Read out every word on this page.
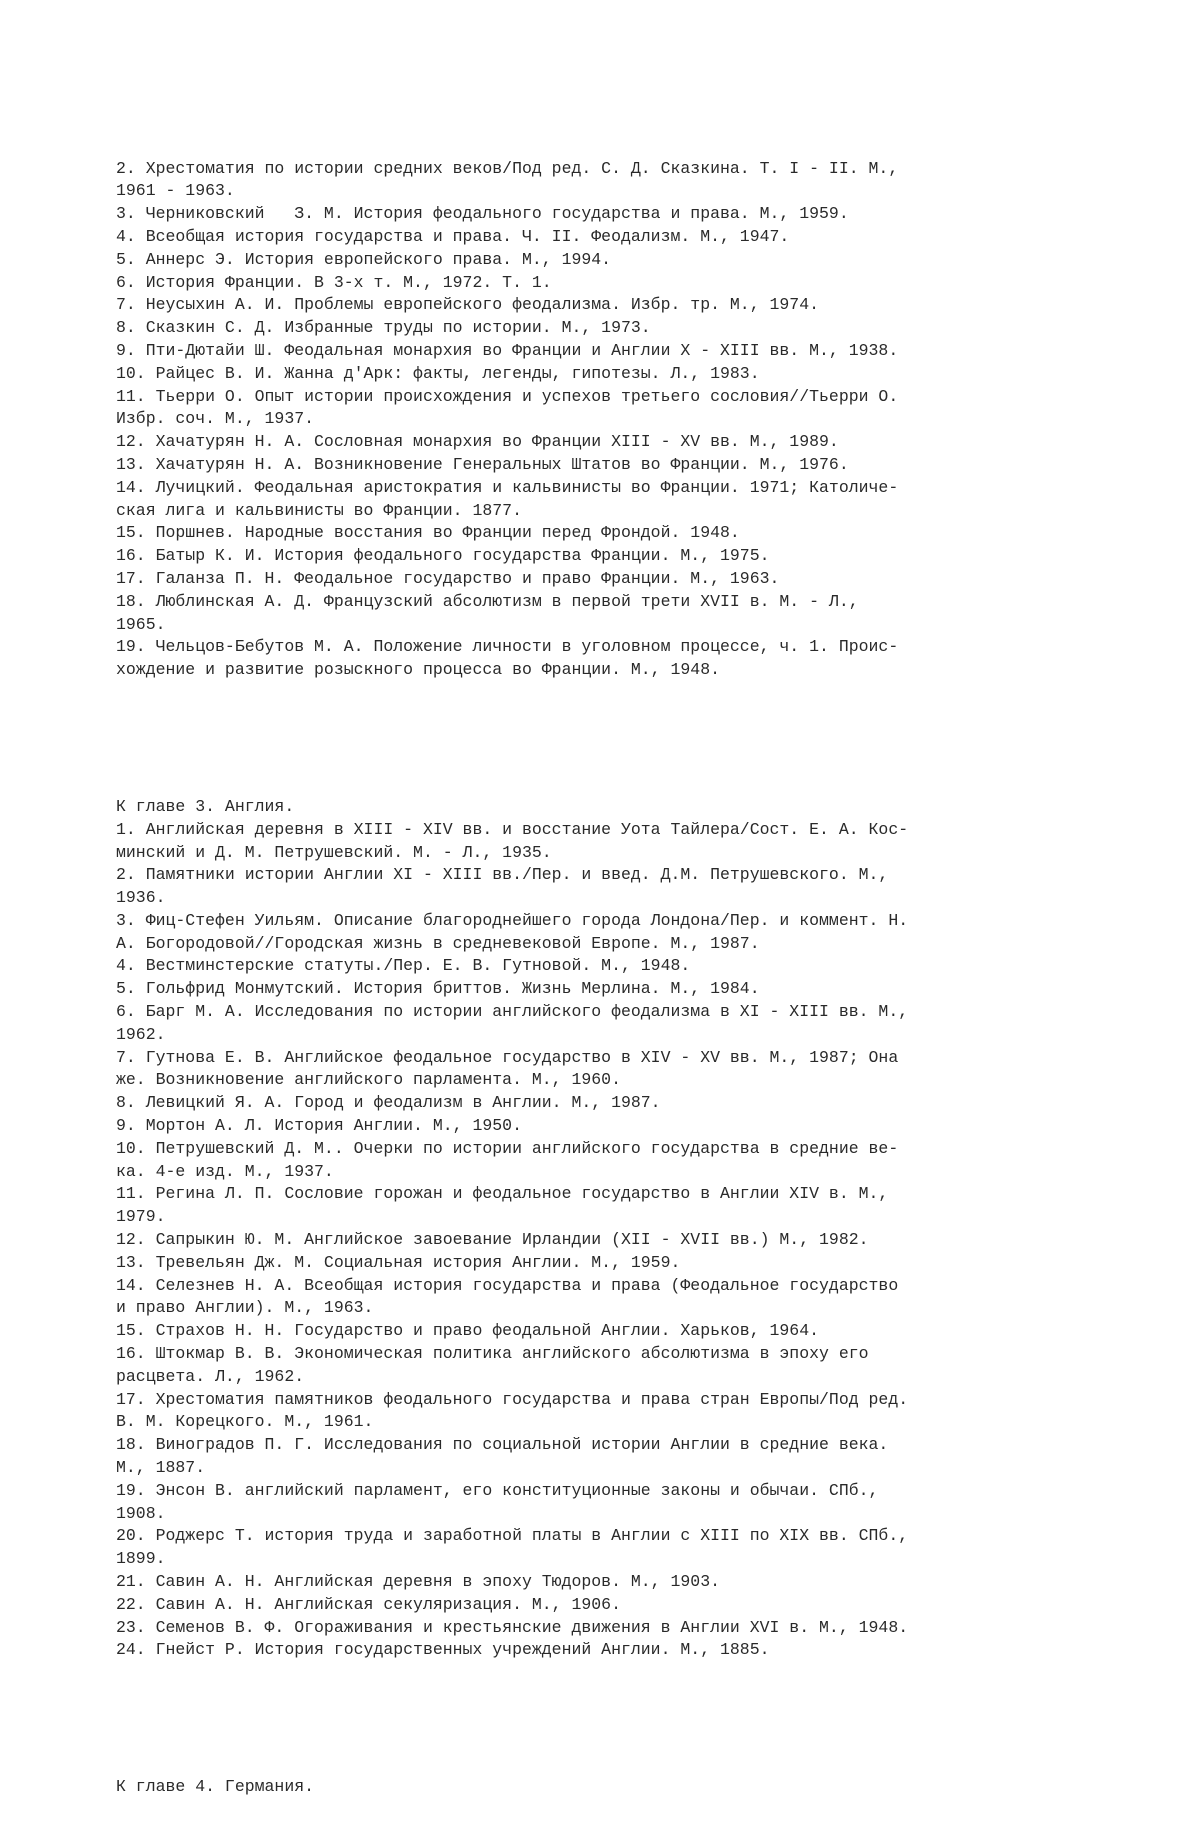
2. Хрестоматия по истории средних веков/Под ред. С. Д. Сказкина. Т. I - II. М.,
1961 - 1963.
3. Черниковский   З. М. История феодального государства и права. М., 1959.
4. Всеобщая история государства и права. Ч. II. Феодализм. М., 1947.
5. Аннерс Э. История европейского права. М., 1994.
6. История Франции. В 3-х т. М., 1972. Т. 1.
7. Неусыхин А. И. Проблемы европейского феодализма. Избр. тр. М., 1974.
8. Сказкин С. Д. Избранные труды по истории. М., 1973.
9. Пти-Дютайи Ш. Феодальная монархия во Франции и Англии X - XIII вв. М., 1938.
10. Райцес В. И. Жанна д'Арк: факты, легенды, гипотезы. Л., 1983.
11. Тьерри О. Опыт истории происхождения и успехов третьего сословия//Тьерри О.
Избр. соч. М., 1937.
12. Хачатурян Н. А. Сословная монархия во Франции XIII - XV вв. М., 1989.
13. Хачатурян Н. А. Возникновение Генеральных Штатов во Франции. М., 1976.
14. Лучицкий. Феодальная аристократия и кальвинисты во Франции. 1971; Католиче-
ская лига и кальвинисты во Франции. 1877.
15. Поршнев. Народные восстания во Франции перед Фрондой. 1948.
16. Батыр К. И. История феодального государства Франции. М., 1975.
17. Галанза П. Н. Феодальное государство и право Франции. М., 1963.
18. Люблинская А. Д. Французский абсолютизм в первой трети XVII в. М. - Л.,
1965.
19. Чельцов-Бебутов М. А. Положение личности в уголовном процессе, ч. 1. Проис-
хождение и развитие розыскного процесса во Франции. М., 1948.

К главе 3. Англия.
1. Английская деревня в XIII - XIV вв. и восстание Уота Тайлера/Сост. Е. А. Кос-
минский и Д. М. Петрушевский. М. - Л., 1935.
2. Памятники истории Англии XI - XIII вв./Пер. и введ. Д.М. Петрушевского. М.,
1936.
3. Фиц-Стефен Уильям. Описание благороднейшего города Лондона/Пер. и коммент. Н.
А. Богородовой//Городская жизнь в средневековой Европе. М., 1987.
4. Вестминстерские статуты./Пер. Е. В. Гутновой. М., 1948.
5. Гольфрид Монмутский. История бриттов. Жизнь Мерлина. М., 1984.
6. Барг М. А. Исследования по истории английского феодализма в XI - XIII вв. М.,
1962.
7. Гутнова Е. В. Английское феодальное государство в XIV - XV вв. М., 1987; Она
же. Возникновение английского парламента. М., 1960.
8. Левицкий Я. А. Город и феодализм в Англии. М., 1987.
9. Мортон А. Л. История Англии. М., 1950.
10. Петрушевский Д. М.. Очерки по истории английского государства в средние ве-
ка. 4-е изд. М., 1937.
11. Регина Л. П. Сословие горожан и феодальное государство в Англии XIV в. М.,
1979.
12. Сапрыкин Ю. М. Английское завоевание Ирландии (XII - XVII вв.) М., 1982.
13. Тревельян Дж. М. Социальная история Англии. М., 1959.
14. Селезнев Н. А. Всеобщая история государства и права (Феодальное государство
и право Англии). М., 1963.
15. Страхов Н. Н. Государство и право феодальной Англии. Харьков, 1964.
16. Штокмар В. В. Экономическая политика английского абсолютизма в эпоху его
расцвета. Л., 1962.
17. Хрестоматия памятников феодального государства и права стран Европы/Под ред.
В. М. Корецкого. М., 1961.
18. Виноградов П. Г. Исследования по социальной истории Англии в средние века.
М., 1887.
19. Энсон В. английский парламент, его конституционные законы и обычаи. СПб.,
1908.
20. Роджерс Т. история труда и заработной платы в Англии с XIII по XIX вв. СПб.,
1899.
21. Савин А. Н. Английская деревня в эпоху Тюдоров. М., 1903.
22. Савин А. Н. Английская секуляризация. М., 1906.
23. Семенов В. Ф. Огораживания и крестьянские движения в Англии XVI в. М., 1948.
24. Гнейст Р. История государственных учреждений Англии. М., 1885.

К главе 4. Германия.
